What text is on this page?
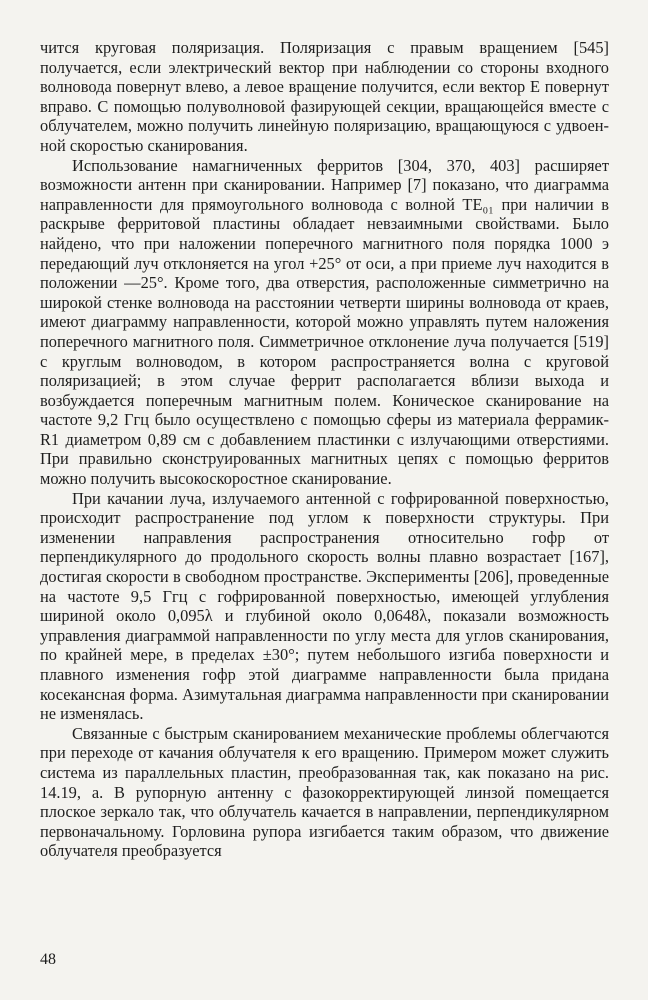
чится круговая поляризация. Поляризация с правым вращением [545] получается, если электрический вектор при наблюдении со стороны входного волновода повернут влево, а левое вращение получится, если вектор E повернут вправо. С помощью полуволновой фазирующей секции, вращающейся вместе с облучателем, можно получить линейную поляризацию, вращающуюся с удвоенной скоростью сканирования.

Использование намагниченных ферритов [304, 370, 403] расширяет возможности антенн при сканировании. Например [7] показано, что диаграмма направленности для прямоугольного волновода с волной TE₀₁ при наличии в раскрыве ферритовой пластины обладает невзаимными свойствами. Было найдено, что при наложении поперечного магнитного поля порядка 1000 э передающий луч отклоняется на угол +25° от оси, а при приеме луч находится в положении —25°. Кроме того, два отверстия, расположенные симметрично на широкой стенке волновода на расстоянии четверти ширины волновода от краев, имеют диаграмму направленности, которой можно управлять путем наложения поперечного магнитного поля. Симметричное отклонение луча получается [519] с круглым волноводом, в котором распространяется волна с круговой поляризацией; в этом случае феррит располагается вблизи выхода и возбуждается поперечным магнитным полем. Коническое сканирование на частоте 9,2 Ггц было осуществлено с помощью сферы из материала феррамик-R1 диаметром 0,89 см с добавлением пластинки с излучающими отверстиями. При правильно сконструированных магнитных цепях с помощью ферритов можно получить высокоскоростное сканирование.

При качании луча, излучаемого антенной с гофрированной поверхностью, происходит распространение под углом к поверхности структуры. При изменении направления распространения относительно гофр от перпендикулярного до продольного скорость волны плавно возрастает [167], достигая скорости в свободном пространстве. Эксперименты [206], проведенные на частоте 9,5 Ггц с гофрированной поверхностью, имеющей углубления шириной около 0,095λ и глубиной около 0,0648λ, показали возможность управления диаграммой направленности по углу места для углов сканирования, по крайней мере, в пределах ±30°; путем небольшого изгиба поверхности и плавного изменения гофр этой диаграмме направленности была придана косекансная форма. Азимутальная диаграмма направленности при сканировании не изменялась.

Связанные с быстрым сканированием механические проблемы облегчаются при переходе от качания облучателя к его вращению. Примером может служить система из параллельных пластин, преобразованная так, как показано на рис. 14.19, а. В рупорную антенну с фазокорректирующей линзой помещается плоское зеркало так, что облучатель качается в направлении, перпендикулярном первоначальному. Горловина рупора изгибается таким образом, что движение облучателя преобразуется

48
